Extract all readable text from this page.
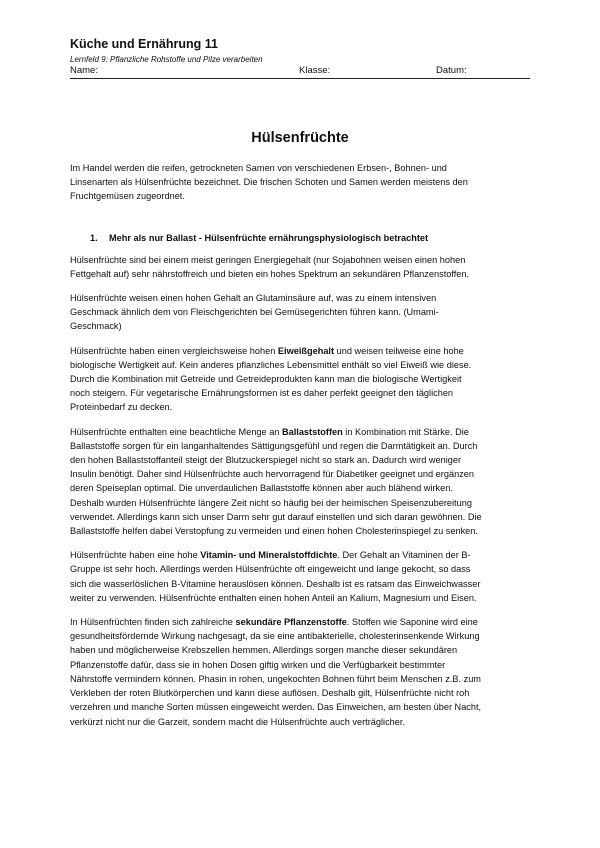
Küche und Ernährung 11

Lernfeld 9: Pflanzliche Rohstoffe und Pilze verarbeiten

Name:	Klasse:	Datum:
Hülsenfrüchte
Im Handel werden die reifen, getrockneten Samen von verschiedenen Erbsen-, Bohnen- und
Linsenarten als Hülsenfrüchte bezeichnet. Die frischen Schoten und Samen werden meistens den
Fruchtgemüsen zugeordnet.
1. Mehr als nur Ballast - Hülsenfrüchte ernährungsphysiologisch betrachtet
Hülsenfrüchte sind bei einem meist geringen Energiegehalt (nur Sojabohnen weisen einen hohen
Fettgehalt auf) sehr nährstoffreich und bieten ein hohes Spektrum an sekundären Pflanzenstoffen.
Hülsenfrüchte weisen einen hohen Gehalt an Glutaminsäure auf, was zu einem intensiven
Geschmack ähnlich dem von Fleischgerichten bei Gemüsegerichten führen kann. (Umami-
Geschmack)
Hülsenfrüchte haben einen vergleichsweise hohen Eiweißgehalt und weisen teilweise eine hohe
biologische Wertigkeit auf. Kein anderes pflanzliches Lebensmittel enthält so viel Eiweiß wie diese.
Durch die Kombination mit Getreide und Getreideprodukten kann man die biologische Wertigkeit
noch steigern. Für vegetarische Ernährungsformen ist es daher perfekt geeignet den täglichen
Proteinbedarf zu decken.
Hülsenfrüchte enthalten eine beachtliche Menge an Ballaststoffen in Kombination mit Stärke. Die
Ballaststoffe sorgen für ein langanhaltendes Sättigungsgefühl und regen die Darmtätigkeit an. Durch
den hohen Ballaststoffanteil steigt der Blutzuckerspiegel nicht so stark an. Dadurch wird weniger
Insulin benötigt. Daher sind Hülsenfrüchte auch hervorragend für Diabetiker geeignet und ergänzen
deren Speiseplan optimal. Die unverdaulichen Ballaststoffe können aber auch blähend wirken.
Deshalb wurden Hülsenfrüchte längere Zeit nicht so häufig bei der heimischen Speisenzubereitung
verwendet. Allerdings kann sich unser Darm sehr gut darauf einstellen und sich daran gewöhnen. Die
Ballaststoffe helfen dabei Verstopfung zu vermeiden und einen hohen Cholesterinspiegel zu senken.
Hülsenfrüchte haben eine hohe Vitamin- und Mineralstoffdichte. Der Gehalt an Vitaminen der B-
Gruppe ist sehr hoch. Allerdings werden Hülsenfrüchte oft eingeweicht und lange gekocht, so dass
sich die wasserlöslichen B-Vitamine herauslösen können. Deshalb ist es ratsam das Einweichwasser
weiter zu verwenden. Hülsenfrüchte enthalten einen hohen Anteil an Kalium, Magnesium und Eisen.
In Hülsenfrüchten finden sich zahlreiche sekundäre Pflanzenstoffe. Stoffen wie Saponine wird eine
gesundheitsfördernde Wirkung nachgesagt, da sie eine antibakterielle, cholesterinsenkende Wirkung
haben und möglicherweise Krebszellen hemmen. Allerdings sorgen manche dieser sekundären
Pflanzenstoffe dafür, dass sie in hohen Dosen giftig wirken und die Verfügbarkeit bestimmter
Nährstoffe vermindern können. Phasin in rohen, ungekochten Bohnen führt beim Menschen z.B. zum
Verkleben der roten Blutkörperchen und kann diese auflösen. Deshalb gilt, Hülsenfrüchte nicht roh
verzehren und manche Sorten müssen eingeweicht werden. Das Einweichen, am besten über Nacht,
verkürzt nicht nur die Garzeit, sondern macht die Hülsenfrüchte auch verträglicher.
